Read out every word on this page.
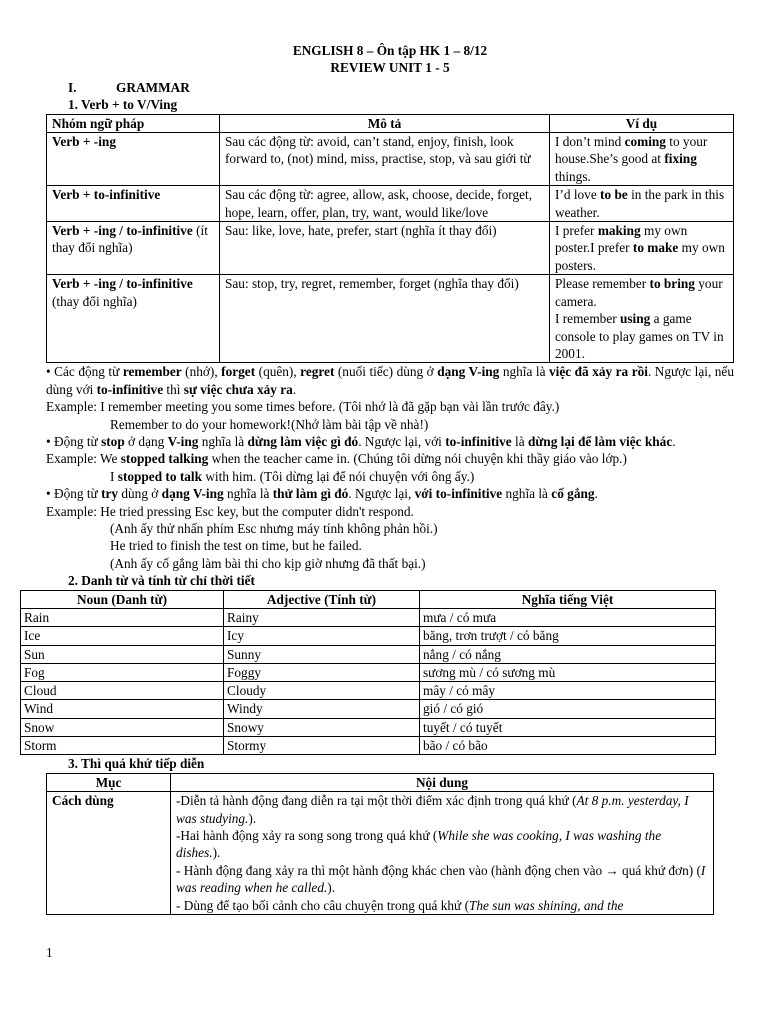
ENGLISH 8 – Ôn tập HK 1 – 8/12
REVIEW UNIT 1 - 5
I.	GRAMMAR
1. Verb + to V/Ving
Nhóm ngữ pháp	Mô tả	Ví dụ
Verb + -ing	Sau các động từ: avoid, can’t stand, enjoy, finish, look forward to, (not) mind, miss, practise, stop, và sau giới từ	I don’t mind coming to your house.She’s good at fixing things.
Verb + to-infinitive	Sau các động từ: agree, allow, ask, choose, decide, forget, hope, learn, offer, plan, try, want, would like/love	I’d love to be in the park in this weather.
Verb + -ing / to-infinitive (ít thay đổi nghĩa)	Sau: like, love, hate, prefer, start (nghĩa ít thay đổi)	I prefer making my own poster.I prefer to make my own posters.
Verb + -ing / to-infinitive (thay đổi nghĩa)	Sau: stop, try, regret, remember, forget (nghĩa thay đổi)	Please remember to bring your camera.
I remember using a game console to play games on TV in 2001.
• Các động từ remember (nhớ), forget (quên), regret (nuối tiếc) dùng ở dạng V-ing nghĩa là việc đã xảy ra rồi. Ngược lại, nếu dùng với to-infinitive thì sự việc chưa xảy ra.
Example: I remember meeting you some times before. (Tôi nhớ là đã gặp bạn vài lần trước đây.)
Remember to do your homework!(Nhớ làm bài tập về nhà!)
• Động từ stop ở dạng V-ing nghĩa là dừng làm việc gì đó. Ngược lại, với to-infinitive là dừng lại để làm việc khác.
Example: We stopped talking when the teacher came in. (Chúng tôi dừng nói chuyện khi thầy giáo vào lớp.)
I stopped to talk with him. (Tôi dừng lại để nói chuyện với ông ấy.)
• Động từ try dùng ở dạng V-ing nghĩa là thử làm gì đó. Ngược lại, với to-infinitive nghĩa là cố gắng.
Example: He tried pressing Esc key, but the computer didn't respond.
(Anh ấy thử nhấn phím Esc nhưng máy tính không phản hồi.)
He tried to finish the test on time, but he failed.
(Anh ấy cố gắng làm bài thi cho kịp giờ nhưng đã thất bại.)
2. Danh từ và tính từ chỉ thời tiết
Noun (Danh từ)	Adjective (Tính từ)	Nghĩa tiếng Việt
Rain	Rainy	mưa / có mưa
Ice	Icy	băng, trơn trượt / có băng
Sun	Sunny	nắng / có nắng
Fog	Foggy	sương mù / có sương mù
Cloud	Cloudy	mây / có mây
Wind	Windy	gió / có gió
Snow	Snowy	tuyết / có tuyết
Storm	Stormy	bão / có bão
3. Thì quá khứ tiếp diễn
Mục	Nội dung
Cách dùng	-Diễn tả hành động đang diễn ra tại một thời điểm xác định trong quá khứ (At 8 p.m. yesterday, I was studying.).
-Hai hành động xảy ra song song trong quá khứ (While she was cooking, I was washing the dishes.).
- Hành động đang xảy ra thì một hành động khác chen vào (hành động chen vào → quá khứ đơn) (I was reading when he called.).
- Dùng để tạo bối cảnh cho câu chuyện trong quá khứ (The sun was shining, and the
1
